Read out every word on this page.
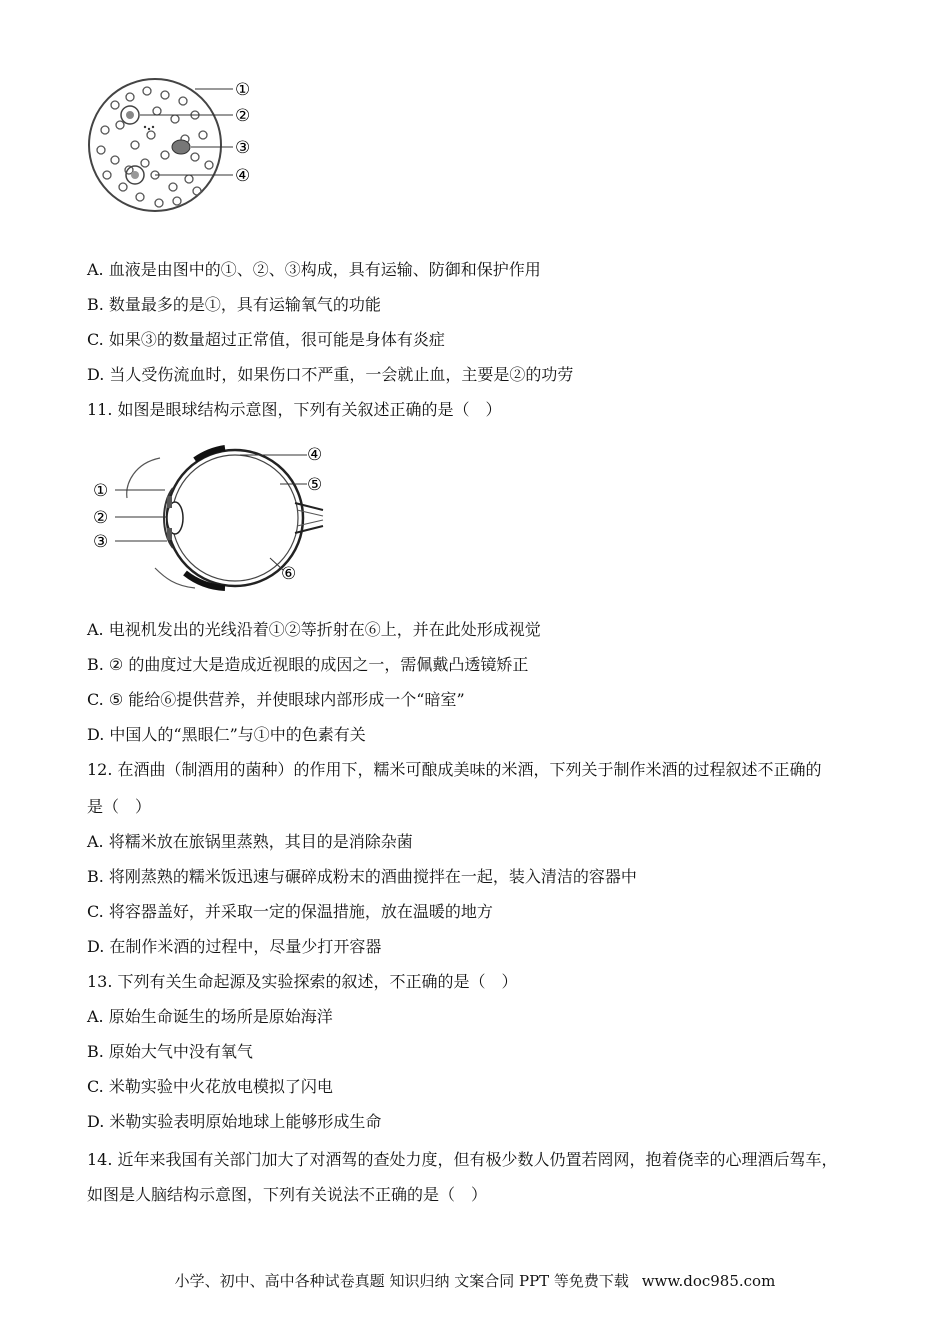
①
②
③
④
A. 血液是由图中的①、②、③构成，具有运输、防御和保护作用
B. 数量最多的是①，具有运输氧气的功能
C. 如果③的数量超过正常值，很可能是身体有炎症
D. 当人受伤流血时，如果伤口不严重，一会就止血，主要是②的功劳
11. 如图是眼球结构示意图，下列有关叙述正确的是（　）
①
②
③
④
⑤
⑥
A. 电视机发出的光线沿着①②等折射在⑥上，并在此处形成视觉
B. ② 的曲度过大是造成近视眼的成因之一，需佩戴凸透镜矫正
C. ⑤ 能给⑥提供营养，并使眼球内部形成一个“暗室”
D. 中国人的“黑眼仁”与①中的色素有关
12. 在酒曲（制酒用的菌种）的作用下，糯米可酿成美味的米酒，下列关于制作米酒的过程叙述不正确的
是（　）
A. 将糯米放在旅锅里蒸熟，其目的是消除杂菌
B. 将刚蒸熟的糯米饭迅速与碾碎成粉末的酒曲搅拌在一起，装入清洁的容器中
C. 将容器盖好，并采取一定的保温措施，放在温暖的地方
D. 在制作米酒的过程中，尽量少打开容器
13. 下列有关生命起源及实验探索的叙述，不正确的是（　）
A. 原始生命诞生的场所是原始海洋
B. 原始大气中没有氧气
C. 米勒实验中火花放电模拟了闪电
D. 米勒实验表明原始地球上能够形成生命
14. 近年来我国有关部门加大了对酒驾的查处力度，但有极少数人仍置若罔网，抱着侥幸的心理酒后驾车，
如图是人脑结构示意图，下列有关说法不正确的是（　）
小学、初中、高中各种试卷真题 知识归纳 文案合同 PPT 等免费下载 www.doc985.com
